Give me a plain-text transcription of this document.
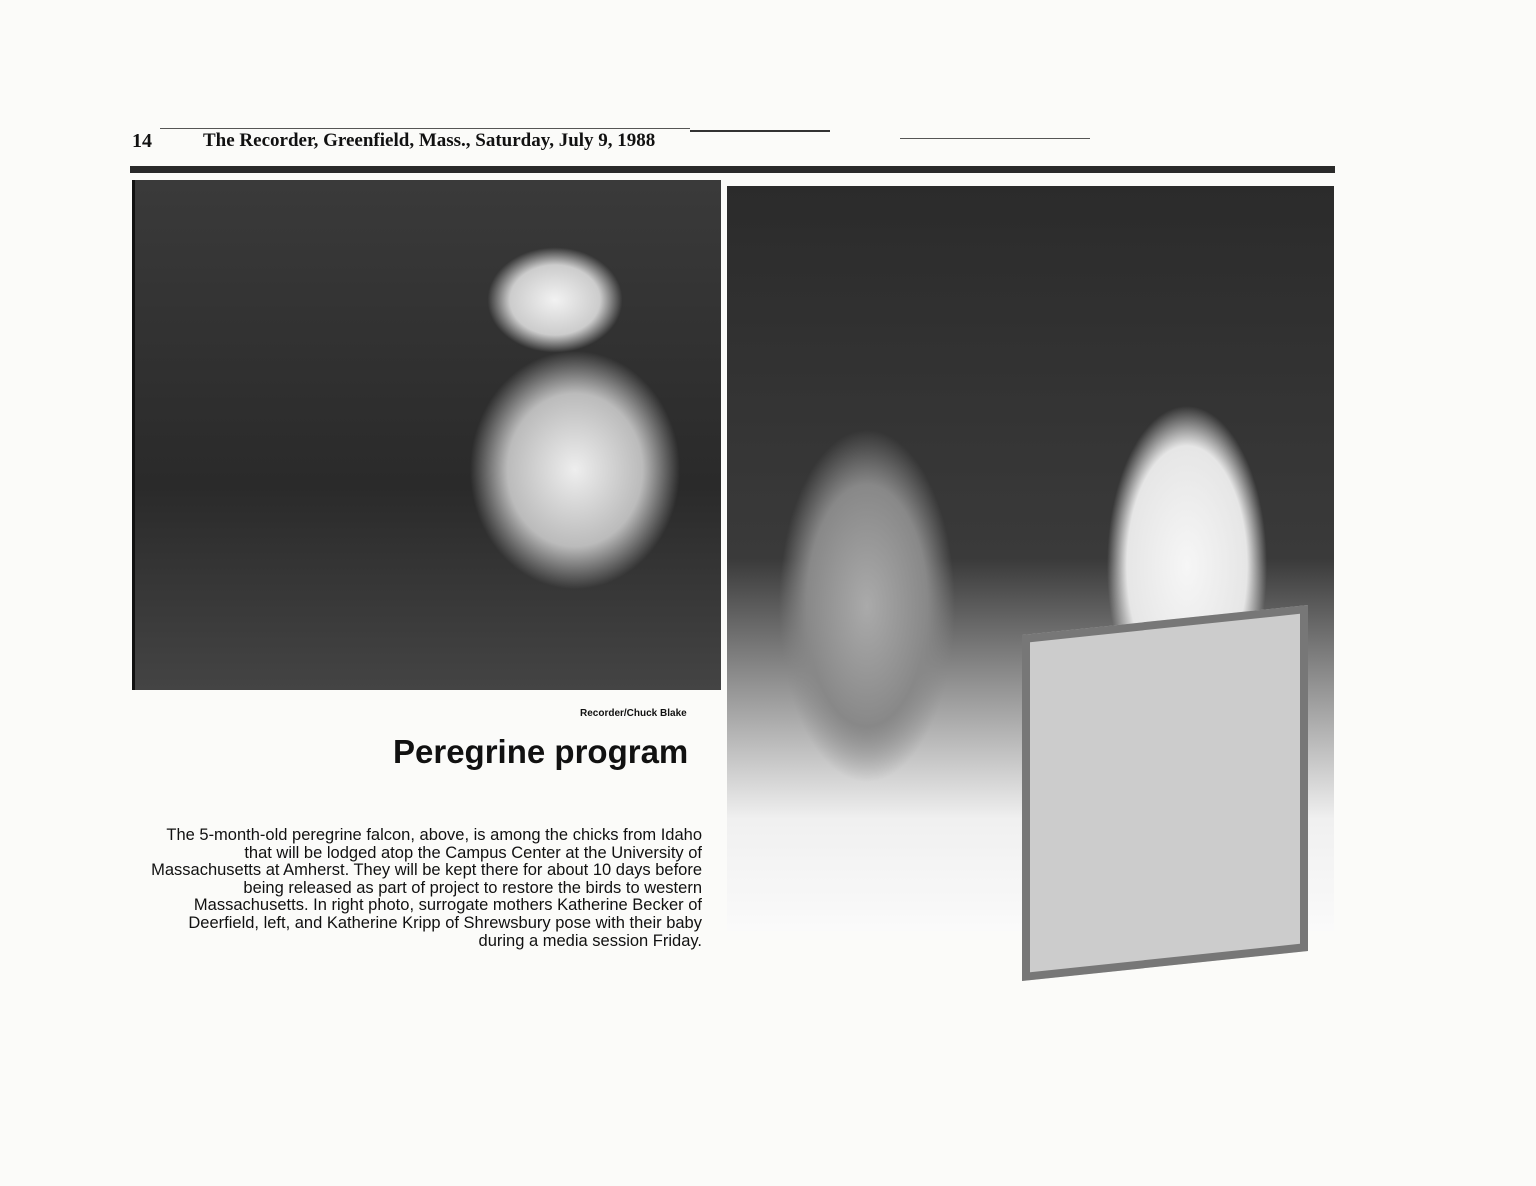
14	The Recorder, Greenfield, Mass., Saturday, July 9, 1988
Recorder/Chuck Blake
Peregrine program
The 5-month-old peregrine falcon, above, is among the chicks from Idaho
that will be lodged atop the Campus Center at the University of
Massachusetts at Amherst. They will be kept there for about 10 days before
being released as part of project to restore the birds to western
Massachusetts. In right photo, surrogate mothers Katherine Becker of
Deerfield, left, and Katherine Kripp of Shrewsbury pose with their baby
during a media session Friday.
